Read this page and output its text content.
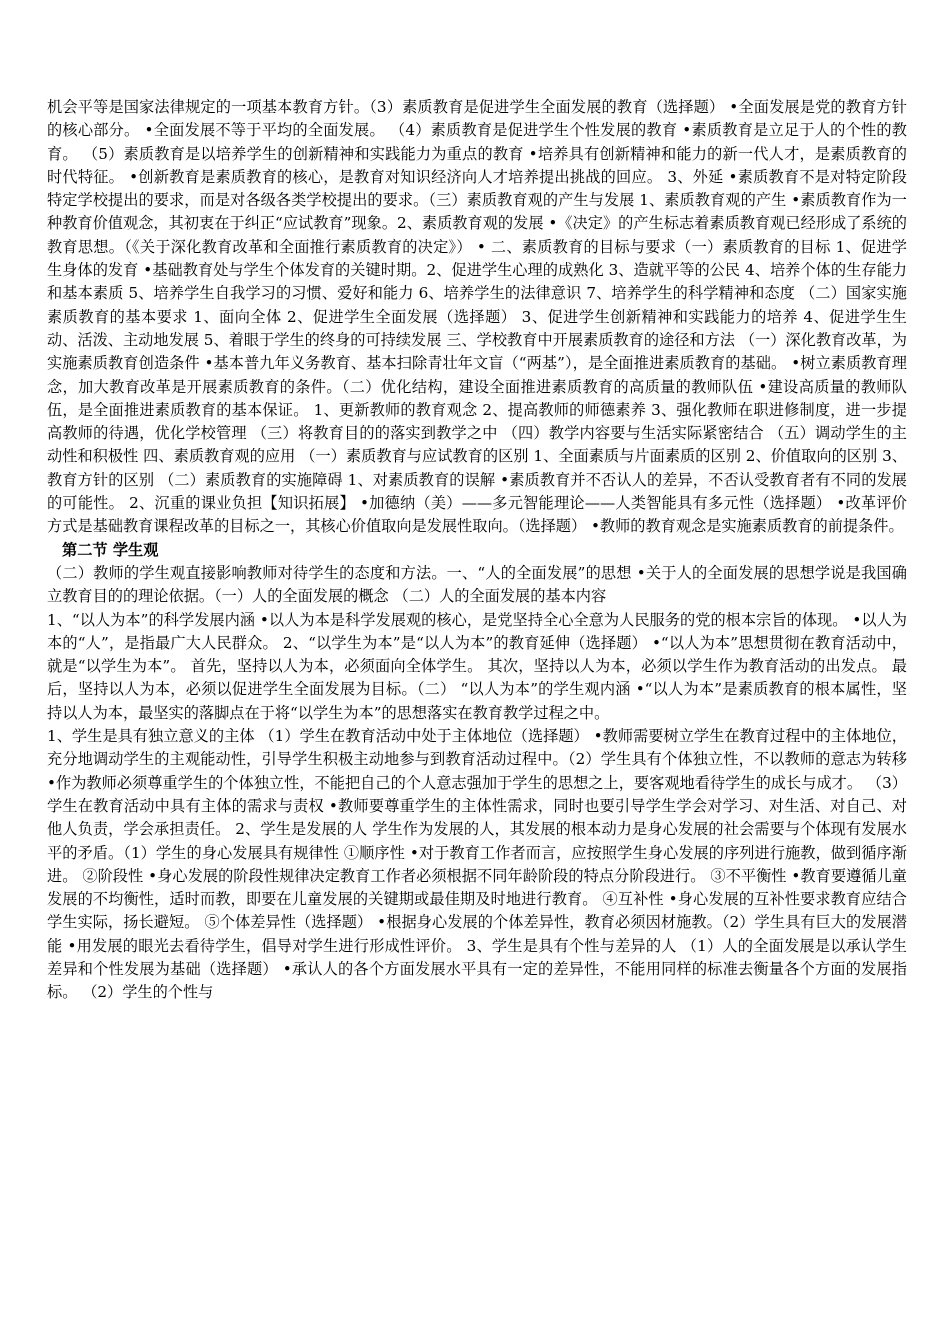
机会平等是国家法律规定的一项基本教育方针。（3）素质教育是促进学生全面发展的教育（选择题） •全面发展是党的教育方针的核心部分。 •全面发展不等于平均的全面发展。 （4）素质教育是促进学生个性发展的教育 •素质教育是立足于人的个性的教育。 （5）素质教育是以培养学生的创新精神和实践能力为重点的教育 •培养具有创新精神和能力的新一代人才，是素质教育的时代特征。 •创新教育是素质教育的核心，是教育对知识经济向人才培养提出挑战的回应。 3、外延 •素质教育不是对特定阶段特定学校提出的要求，而是对各级各类学校提出的要求。（三）素质教育观的产生与发展 1、素质教育观的产生 •素质教育作为一种教育价值观念，其初衷在于纠正“应试教育”现象。2、素质教育观的发展 •《决定》的产生标志着素质教育观已经形成了系统的教育思想。（《关于深化教育改革和全面推行素质教育的决定》） • 二、素质教育的目标与要求（一）素质教育的目标 1、促进学生身体的发育 •基础教育处与学生个体发育的关键时期。2、促进学生心理的成熟化 3、造就平等的公民 4、培养个体的生存能力和基本素质 5、培养学生自我学习的习惯、爱好和能力 6、培养学生的法律意识 7、培养学生的科学精神和态度 （二）国家实施素质教育的基本要求 1、面向全体 2、促进学生全面发展（选择题） 3、促进学生创新精神和实践能力的培养 4、促进学生生动、活泼、主动地发展 5、着眼于学生的终身的可持续发展 三、学校教育中开展素质教育的途径和方法 （一）深化教育改革，为实施素质教育创造条件 •基本普九年义务教育、基本扫除青壮年文盲（“两基”），是全面推进素质教育的基础。 •树立素质教育理念，加大教育改革是开展素质教育的条件。（二）优化结构，建设全面推进素质教育的高质量的教师队伍 •建设高质量的教师队伍，是全面推进素质教育的基本保证。 1、更新教师的教育观念 2、提高教师的师德素养 3、强化教师在职进修制度，进一步提高教师的待遇，优化学校管理 （三）将教育目的的落实到教学之中 （四）教学内容要与生活实际紧密结合 （五）调动学生的主动性和积极性 四、素质教育观的应用 （一）素质教育与应试教育的区别 1、全面素质与片面素质的区别 2、价值取向的区别 3、教育方针的区别 （二）素质教育的实施障碍 1、对素质教育的误解 •素质教育并不否认人的差异，不否认受教育者有不同的发展的可能性。 2、沉重的课业负担【知识拓展】 •加德纳（美）——多元智能理论——人类智能具有多元性（选择题） •改革评价方式是基础教育课程改革的目标之一，其核心价值取向是发展性取向。（选择题） •教师的教育观念是实施素质教育的前提条件。

第二节 学生观

（二）教师的学生观直接影响教师对待学生的态度和方法。一、“人的全面发展”的思想 •关于人的全面发展的思想学说是我国确立教育目的的理论依据。（一）人的全面发展的概念 （二）人的全面发展的基本内容

1、“以人为本”的科学发展内涵 •以人为本是科学发展观的核心，是党坚持全心全意为人民服务的党的根本宗旨的体现。 •以人为本的“人”，是指最广大人民群众。 2、“以学生为本”是“以人为本”的教育延伸（选择题） •“以人为本”思想贯彻在教育活动中，就是“以学生为本”。 首先，坚持以人为本，必须面向全体学生。 其次，坚持以人为本，必须以学生作为教育活动的出发点。 最后，坚持以人为本，必须以促进学生全面发展为目标。（二） “以人为本”的学生观内涵 •“以人为本”是素质教育的根本属性，坚持以人为本，最坚实的落脚点在于将“以学生为本”的思想落实在教育教学过程之中。

1、学生是具有独立意义的主体 （1）学生在教育活动中处于主体地位（选择题） •教师需要树立学生在教育过程中的主体地位，充分地调动学生的主观能动性，引导学生积极主动地参与到教育活动过程中。（2）学生具有个体独立性，不以教师的意志为转移 •作为教师必须尊重学生的个体独立性，不能把自己的个人意志强加于学生的思想之上，要客观地看待学生的成长与成才。 （3）学生在教育活动中具有主体的需求与责权 •教师要尊重学生的主体性需求，同时也要引导学生学会对学习、对生活、对自己、对他人负责，学会承担责任。 2、学生是发展的人 学生作为发展的人，其发展的根本动力是身心发展的社会需要与个体现有发展水平的矛盾。（1）学生的身心发展具有规律性 ①顺序性 •对于教育工作者而言，应按照学生身心发展的序列进行施教，做到循序渐进。 ②阶段性 •身心发展的阶段性规律决定教育工作者必须根据不同年龄阶段的特点分阶段进行。 ③不平衡性 •教育要遵循儿童发展的不均衡性，适时而教，即要在儿童发展的关键期或最佳期及时地进行教育。 ④互补性 •身心发展的互补性要求教育应结合学生实际，扬长避短。 ⑤个体差异性（选择题） •根据身心发展的个体差异性，教育必须因材施教。（2）学生具有巨大的发展潜能 •用发展的眼光去看待学生，倡导对学生进行形成性评价。 3、学生是具有个性与差异的人 （1）人的全面发展是以承认学生差异和个性发展为基础（选择题） •承认人的各个方面发展水平具有一定的差异性，不能用同样的标准去衡量各个方面的发展指标。 （2）学生的个性与
